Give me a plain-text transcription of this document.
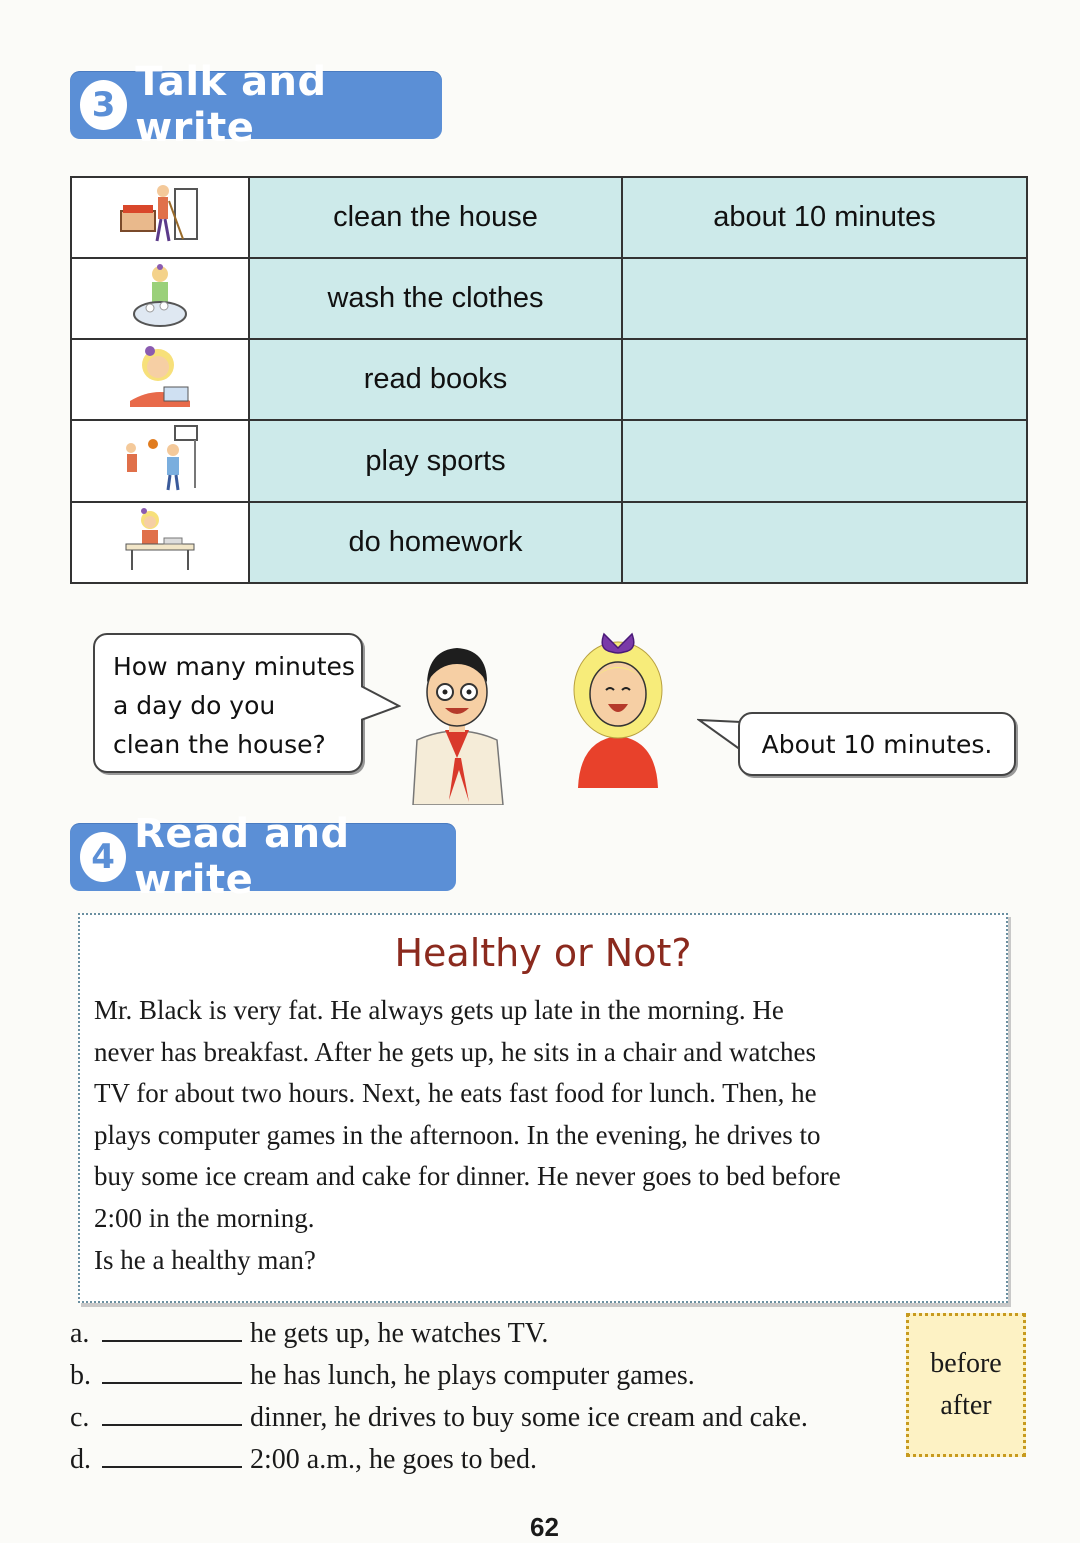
3 Talk and write
	clean the house	about 10 minutes
	wash the clothes	
	read books	
	play sports	
	do homework	
How many minutes
a day do you
clean the house?	About 10 minutes.
4 Read and write
Healthy or Not?
Mr. Black is very fat. He always gets up late in the morning. He
never has breakfast. After he gets up, he sits in a chair and watches
TV for about two hours. Next, he eats fast food for lunch. Then, he
plays computer games in the afternoon. In the evening, he drives to
buy some ice cream and cake for dinner. He never goes to bed before
2:00 in the morning.
Is he a healthy man?
a.	he gets up, he watches TV.
b.	he has lunch, he plays computer games.
c.	dinner, he drives to buy some ice cream and cake.
d.	2:00 a.m., he goes to bed.
before
after
62
